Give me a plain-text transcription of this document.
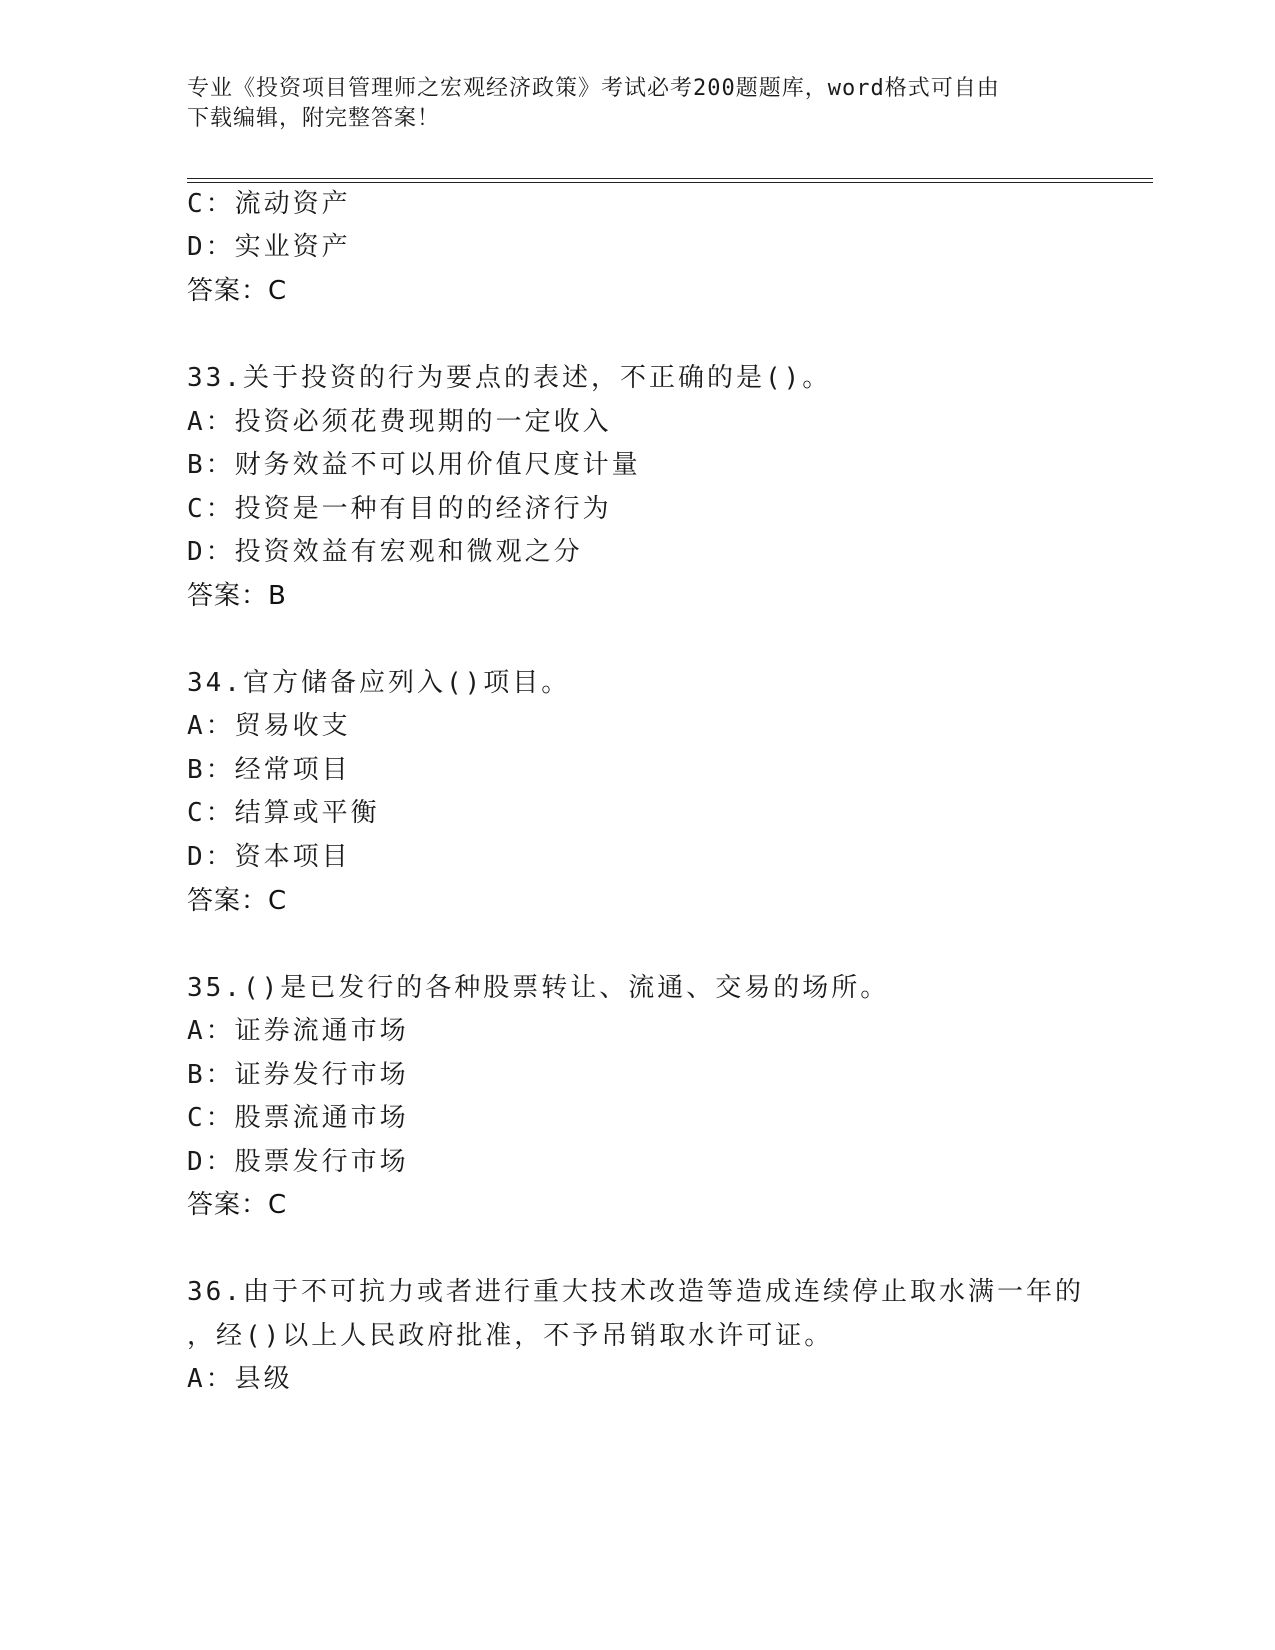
专业《投资项目管理师之宏观经济政策》考试必考200题题库，word格式可自由
下载编辑，附完整答案！
C：流动资产
D：实业资产
答案：C
33.关于投资的行为要点的表述，不正确的是()。
A：投资必须花费现期的一定收入
B：财务效益不可以用价值尺度计量
C：投资是一种有目的的经济行为
D：投资效益有宏观和微观之分
答案：B
34.官方储备应列入()项目。
A：贸易收支
B：经常项目
C：结算或平衡
D：资本项目
答案：C
35.()是已发行的各种股票转让、流通、交易的场所。
A：证券流通市场
B：证券发行市场
C：股票流通市场
D：股票发行市场
答案：C
36.由于不可抗力或者进行重大技术改造等造成连续停止取水满一年的
，经()以上人民政府批准，不予吊销取水许可证。
A：县级
